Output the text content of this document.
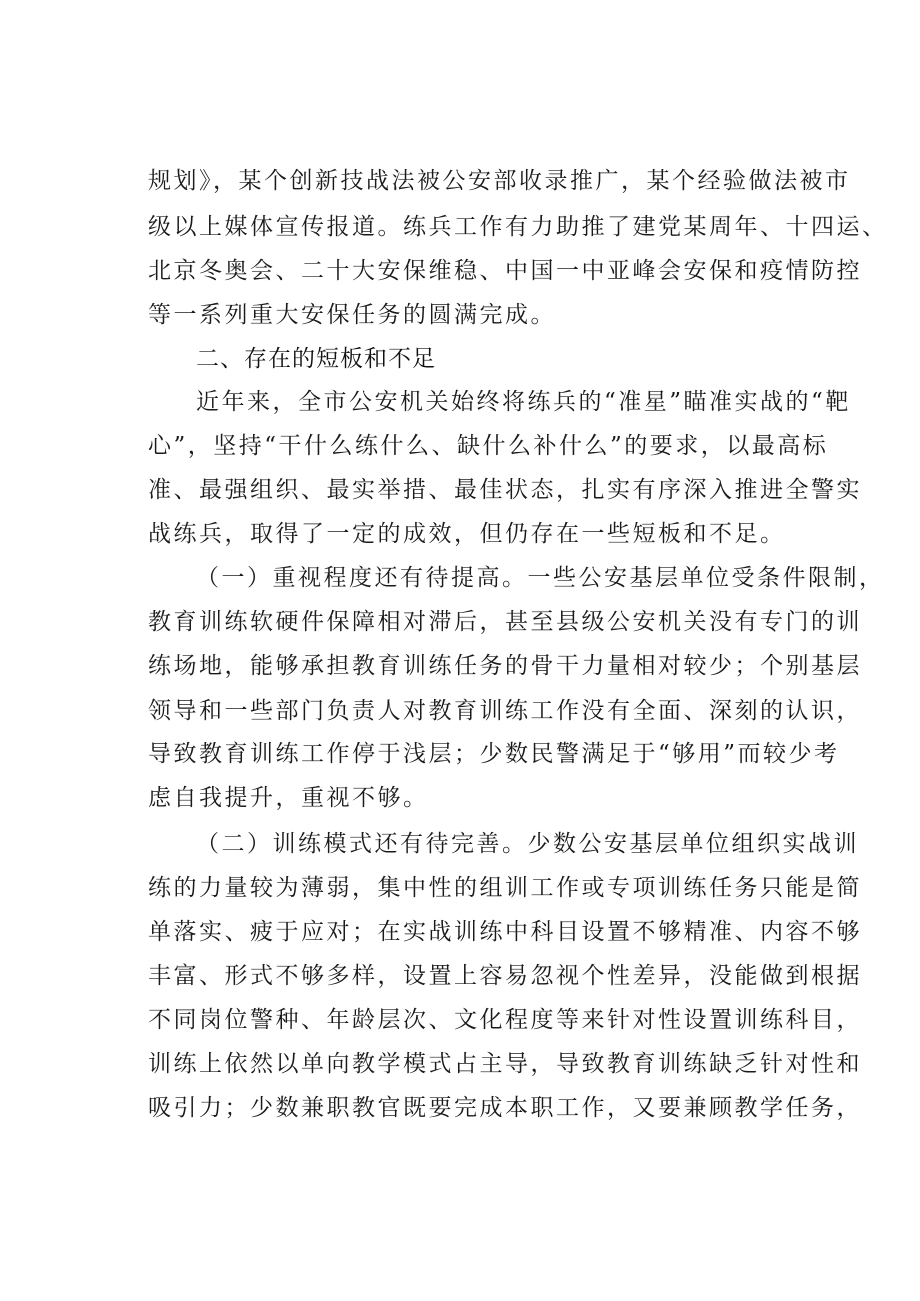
规划》，某个创新技战法被公安部收录推广，某个经验做法被市
级以上媒体宣传报道。练兵工作有力助推了建党某周年、十四运、
北京冬奥会、二十大安保维稳、中国一中亚峰会安保和疫情防控
等一系列重大安保任务的圆满完成。
二、存在的短板和不足
近年来，全市公安机关始终将练兵的“准星”瞄准实战的“靶
心”，坚持“干什么练什么、缺什么补什么”的要求，以最高标
准、最强组织、最实举措、最佳状态，扎实有序深入推进全警实
战练兵，取得了一定的成效，但仍存在一些短板和不足。
（一）重视程度还有待提高。一些公安基层单位受条件限制，
教育训练软硬件保障相对滞后，甚至县级公安机关没有专门的训
练场地，能够承担教育训练任务的骨干力量相对较少；个别基层
领导和一些部门负责人对教育训练工作没有全面、深刻的认识，
导致教育训练工作停于浅层；少数民警满足于“够用”而较少考
虑自我提升，重视不够。
（二）训练模式还有待完善。少数公安基层单位组织实战训
练的力量较为薄弱，集中性的组训工作或专项训练任务只能是简
单落实、疲于应对；在实战训练中科目设置不够精准、内容不够
丰富、形式不够多样，设置上容易忽视个性差异，没能做到根据
不同岗位警种、年龄层次、文化程度等来针对性设置训练科目，
训练上依然以单向教学模式占主导，导致教育训练缺乏针对性和
吸引力；少数兼职教官既要完成本职工作，又要兼顾教学任务，
